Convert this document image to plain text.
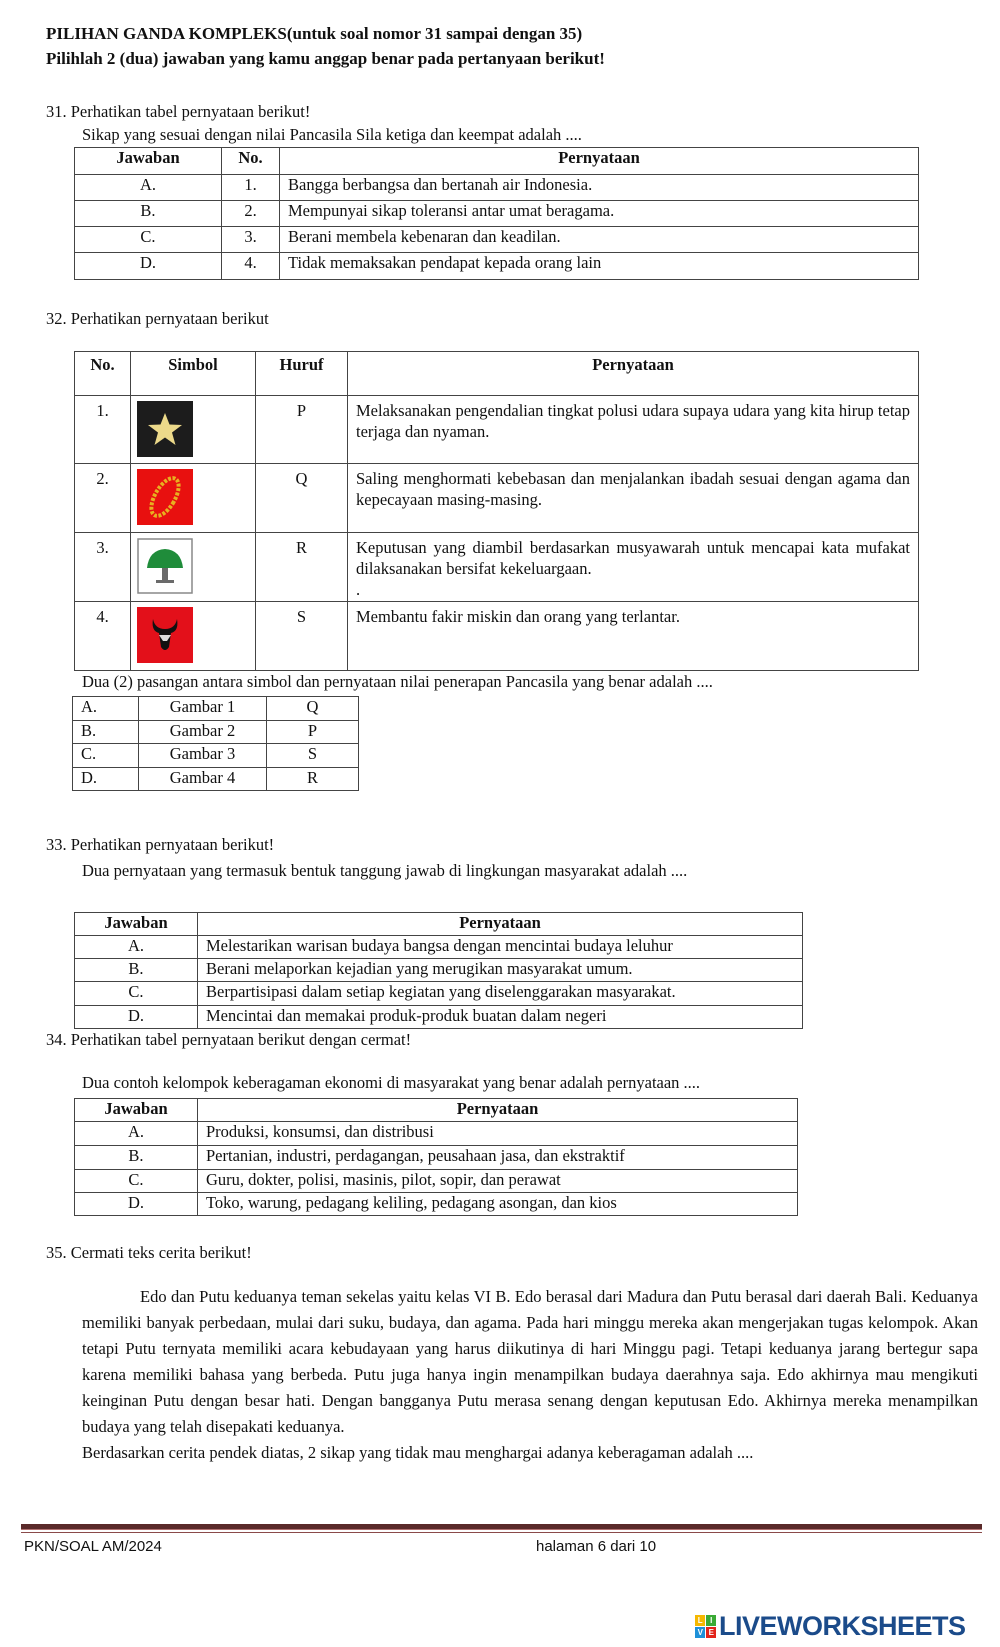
PILIHAN GANDA KOMPLEKS(untuk soal nomor 31 sampai dengan 35)
Pilihlah 2 (dua) jawaban yang kamu anggap benar pada pertanyaan berikut!
31. Perhatikan tabel pernyataan berikut!
Sikap yang sesuai dengan nilai Pancasila Sila ketiga dan keempat adalah ....
Jawaban	No.	Pernyataan
A.	1.	Bangga berbangsa dan bertanah air Indonesia.
B.	2.	Mempunyai sikap toleransi antar umat beragama.
C.	3.	Berani membela kebenaran dan keadilan.
D.	4.	Tidak memaksakan pendapat kepada orang lain
32. Perhatikan pernyataan berikut
No.	Simbol	Huruf	Pernyataan
1.		P	Melaksanakan pengendalian tingkat polusi udara supaya udara yang kita hirup tetap terjaga dan nyaman.
2.		Q	Saling menghormati kebebasan dan menjalankan ibadah sesuai dengan agama dan kepecayaan masing-masing.
3.		R	Keputusan yang diambil berdasarkan musyawarah untuk mencapai kata mufakat dilaksanakan bersifat kekeluargaan.
.
4.		S	Membantu fakir miskin dan orang yang terlantar.
Dua (2) pasangan antara simbol dan pernyataan nilai penerapan Pancasila yang benar adalah ....
A.	Gambar 1	Q
B.	Gambar 2	P
C.	Gambar 3	S
D.	Gambar 4	R
33. Perhatikan pernyataan berikut!
Dua pernyataan yang termasuk bentuk tanggung jawab di lingkungan masyarakat adalah ....
Jawaban	Pernyataan
A.	Melestarikan warisan budaya bangsa dengan mencintai budaya leluhur
B.	Berani melaporkan kejadian yang merugikan masyarakat umum.
C.	Berpartisipasi dalam setiap kegiatan yang diselenggarakan masyarakat.
D.	Mencintai dan memakai produk-produk buatan dalam negeri
34. Perhatikan tabel pernyataan berikut dengan cermat!
Dua contoh kelompok keberagaman ekonomi di masyarakat yang benar adalah pernyataan ....
Jawaban	Pernyataan
A.	Produksi, konsumsi, dan distribusi
B.	Pertanian, industri, perdagangan, peusahaan jasa, dan ekstraktif
C.	Guru, dokter, polisi, masinis, pilot, sopir, dan perawat
D.	Toko, warung, pedagang keliling, pedagang asongan, dan kios
35. Cermati teks cerita berikut!

Edo dan Putu keduanya teman sekelas yaitu kelas VI B. Edo berasal dari Madura dan Putu berasal dari daerah Bali. Keduanya memiliki banyak perbedaan, mulai dari suku, budaya, dan agama. Pada hari minggu mereka akan mengerjakan tugas kelompok. Akan tetapi Putu ternyata memiliki acara kebudayaan yang harus diikutinya di hari Minggu pagi. Tetapi keduanya jarang bertegur sapa karena memiliki bahasa yang berbeda. Putu juga hanya ingin menampilkan budaya daerahnya saja. Edo akhirnya mau mengikuti keinginan Putu dengan besar hati. Dengan bangganya Putu merasa senang dengan keputusan Edo. Akhirnya mereka menampilkan budaya yang telah disepakati keduanya.

Berdasarkan cerita pendek diatas, 2 sikap yang tidak mau menghargai adanya keberagaman adalah ....

PKN/SOAL AM/2024	halaman 6 dari 10
L I
V E LIVEWORKSHEETS
